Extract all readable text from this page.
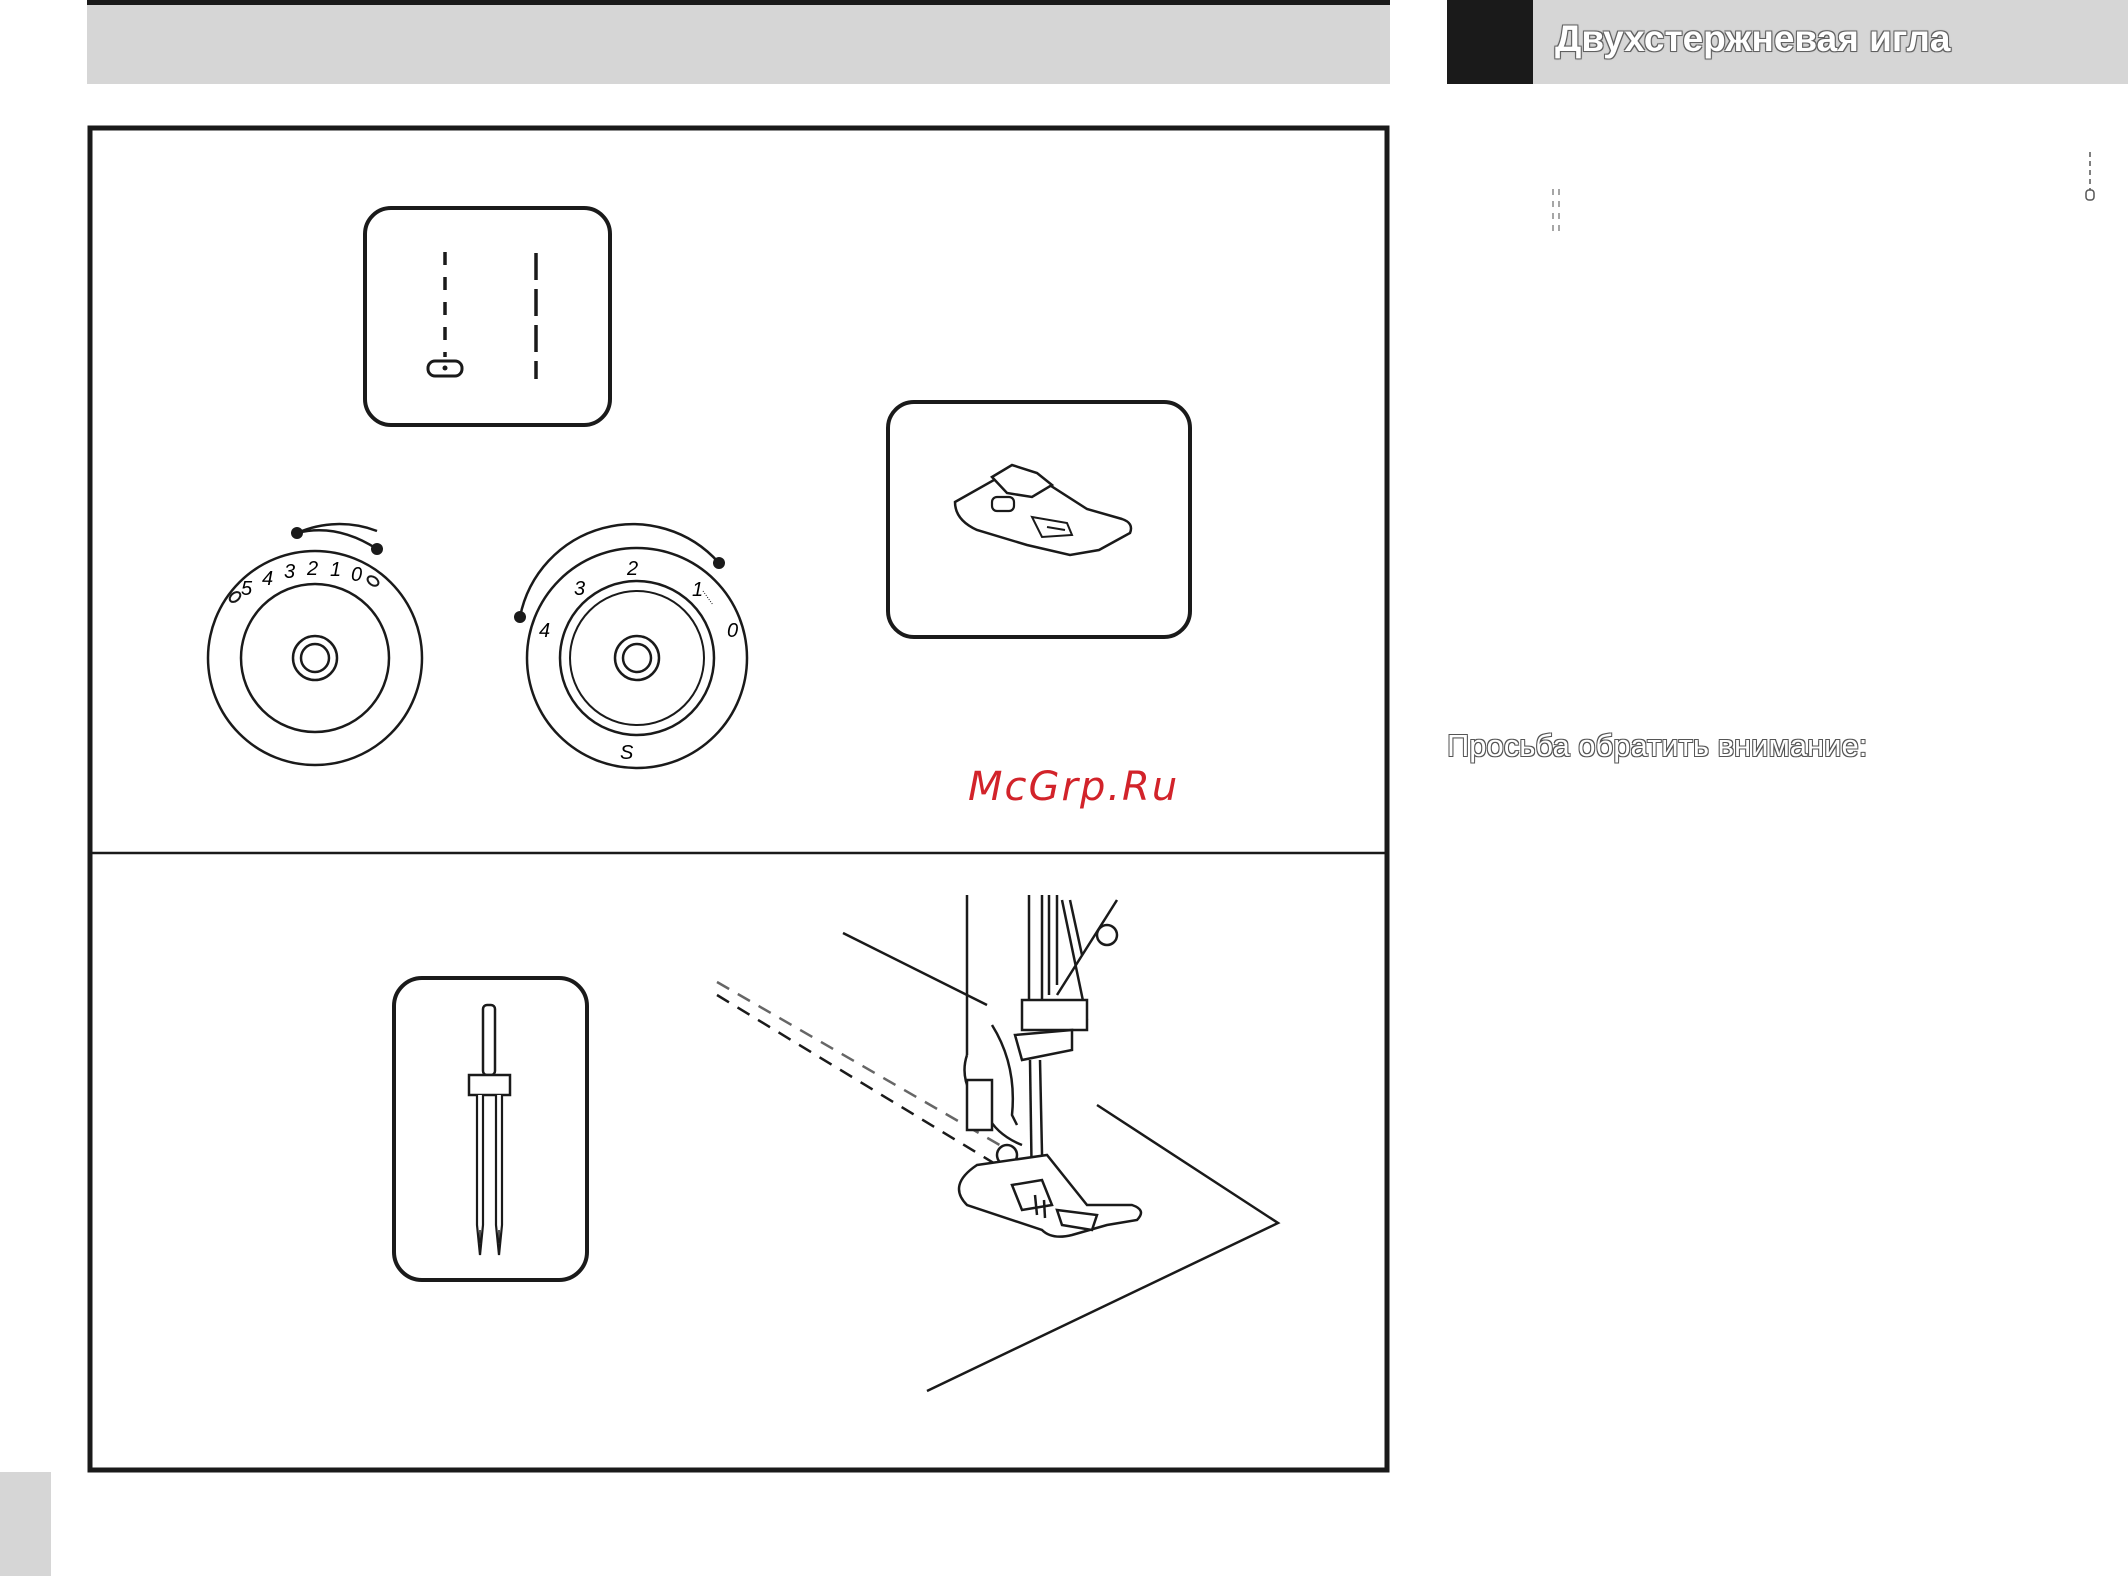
Двухстержневая игла
Просьба обратить внимание:
5 4 3 2 1 0
4
3
2
1
0
S
McGrp.Ru
